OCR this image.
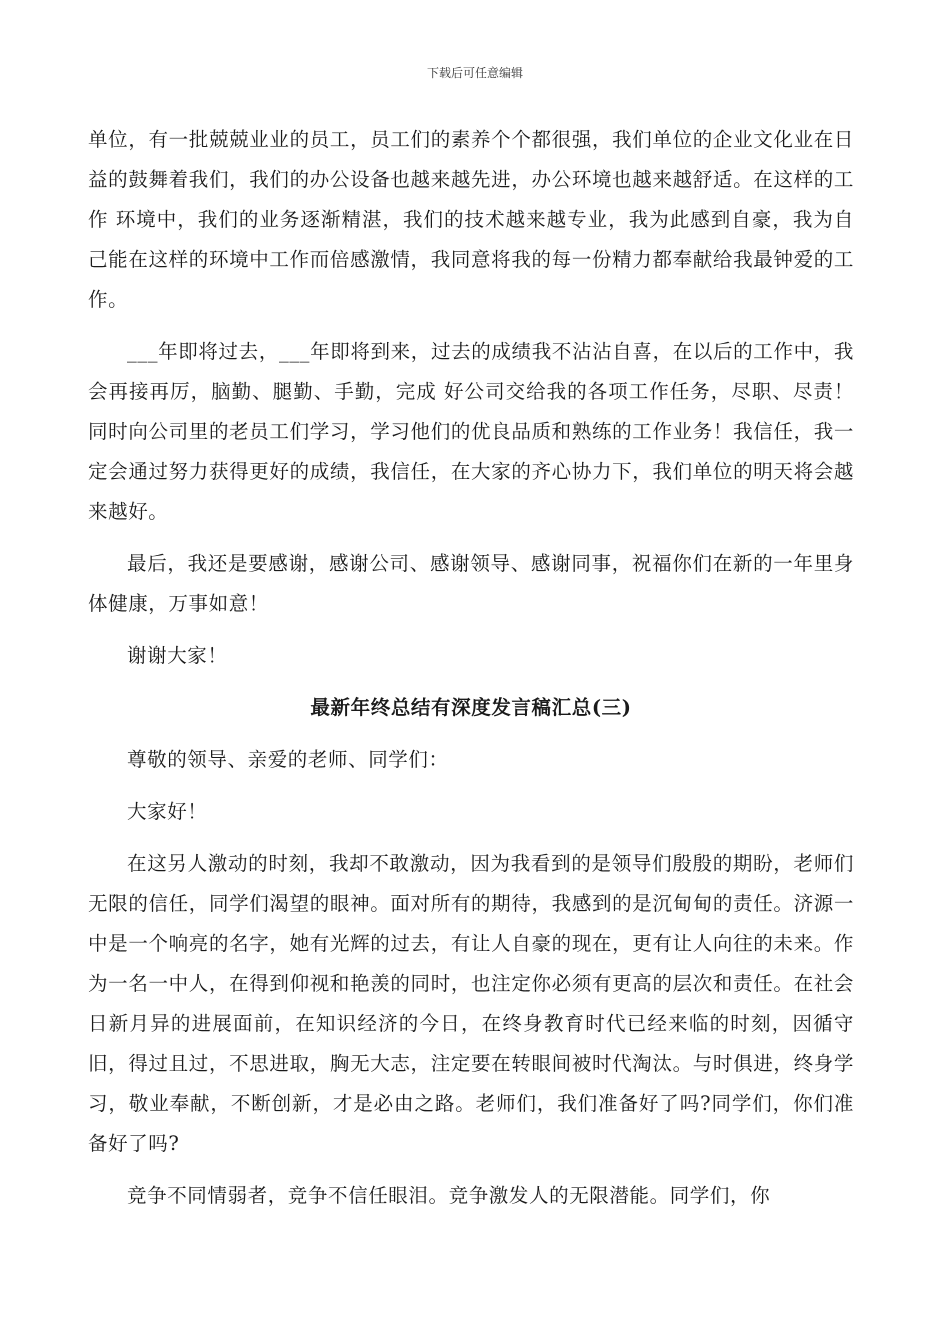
下载后可任意编辑

单位，有一批兢兢业业的员工，员工们的素养个个都很强，我们单位的企业文化业在日益的鼓舞着我们，我们的办公设备也越来越先进，办公环境也越来越舒适。在这样的工作 环境中，我们的业务逐渐精湛，我们的技术越来越专业，我为此感到自豪，我为自己能在这样的环境中工作而倍感激情，我同意将我的每一份精力都奉献给我最钟爱的工作。

___年即将过去，___年即将到来，过去的成绩我不沾沾自喜，在以后的工作中，我会再接再厉，脑勤、腿勤、手勤，完成 好公司交给我的各项工作任务，尽职、尽责！同时向公司里的老员工们学习，学习他们的优良品质和熟练的工作业务！我信任，我一定会通过努力获得更好的成绩，我信任，在大家的齐心协力下，我们单位的明天将会越来越好。

最后，我还是要感谢，感谢公司、感谢领导、感谢同事，祝福你们在新的一年里身体健康，万事如意！

谢谢大家！

最新年终总结有深度发言稿汇总(三)

尊敬的领导、亲爱的老师、同学们：

大家好！

在这另人激动的时刻，我却不敢激动，因为我看到的是领导们殷殷的期盼，老师们无限的信任，同学们渴望的眼神。面对所有的期待，我感到的是沉甸甸的责任。济源一中是一个响亮的名字，她有光辉的过去，有让人自豪的现在，更有让人向往的未来。作为一名一中人，在得到仰视和艳羡的同时，也注定你必须有更高的层次和责任。在社会日新月异的进展面前，在知识经济的今日，在终身教育时代已经来临的时刻，因循守旧，得过且过，不思进取，胸无大志，注定要在转眼间被时代淘汰。与时俱进，终身学习，敬业奉献，不断创新，才是必由之路。老师们，我们准备好了吗?同学们，你们准备好了吗?

竞争不同情弱者，竞争不信任眼泪。竞争激发人的无限潜能。同学们，你
